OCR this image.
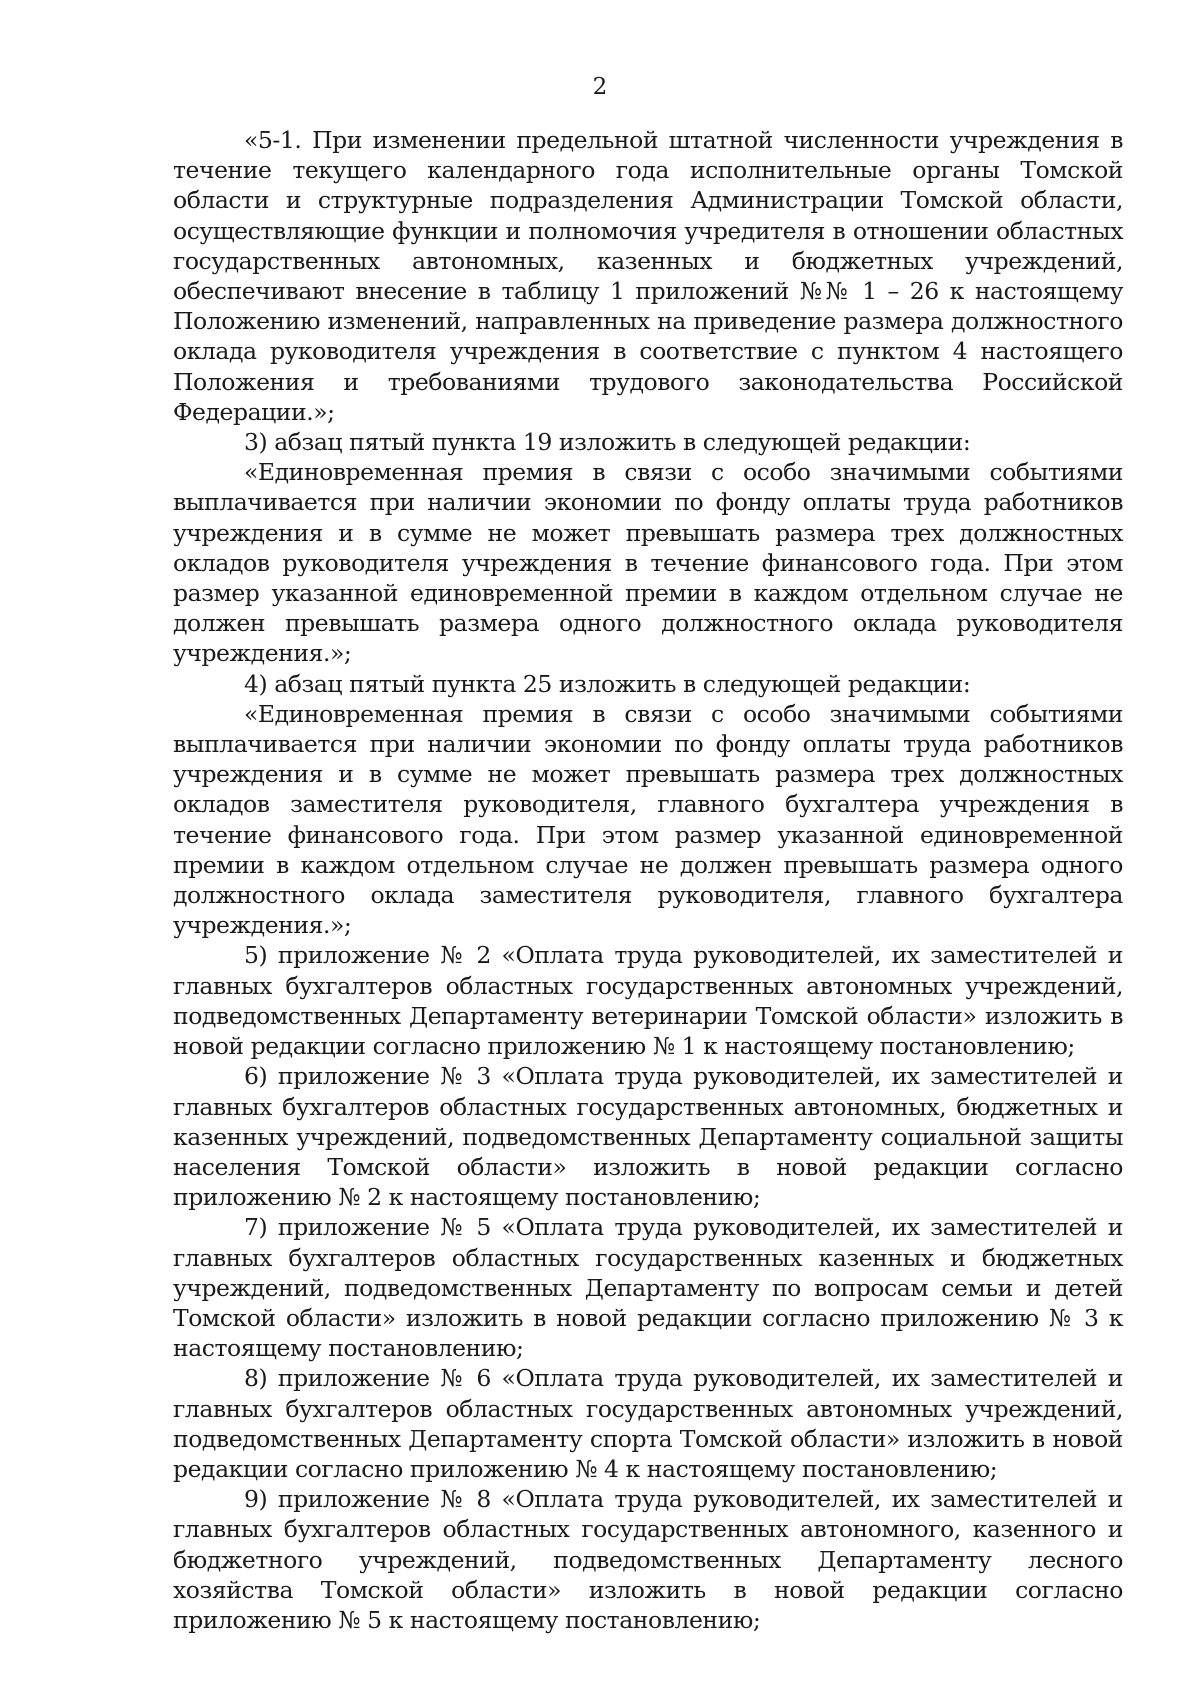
2

«5-1. При изменении предельной штатной численности учреждения в течение текущего календарного года исполнительные органы Томской области и структурные подразделения Администрации Томской области, осуществляющие функции и полномочия учредителя в отношении областных государственных автономных, казенных и бюджетных учреждений, обеспечивают внесение в таблицу 1 приложений №№ 1 – 26 к настоящему Положению изменений, направленных на приведение размера должностного оклада руководителя учреждения в соответствие с пунктом 4 настоящего Положения и требованиями трудового законодательства Российской Федерации.»;

3) абзац пятый пункта 19 изложить в следующей редакции:

«Единовременная премия в связи с особо значимыми событиями выплачивается при наличии экономии по фонду оплаты труда работников учреждения и в сумме не может превышать размера трех должностных окладов руководителя учреждения в течение финансового года. При этом размер указанной единовременной премии в каждом отдельном случае не должен превышать размера одного должностного оклада руководителя учреждения.»;

4) абзац пятый пункта 25 изложить в следующей редакции:

«Единовременная премия в связи с особо значимыми событиями выплачивается при наличии экономии по фонду оплаты труда работников учреждения и в сумме не может превышать размера трех должностных окладов заместителя руководителя, главного бухгалтера учреждения в течение финансового года. При этом размер указанной единовременной премии в каждом отдельном случае не должен превышать размера одного должностного оклада заместителя руководителя, главного бухгалтера учреждения.»;

5) приложение № 2 «Оплата труда руководителей, их заместителей и главных бухгалтеров областных государственных автономных учреждений, подведомственных Департаменту ветеринарии Томской области» изложить в новой редакции согласно приложению № 1 к настоящему постановлению;

6) приложение № 3 «Оплата труда руководителей, их заместителей и главных бухгалтеров областных государственных автономных, бюджетных и казенных учреждений, подведомственных Департаменту социальной защиты населения Томской области» изложить в новой редакции согласно приложению № 2 к настоящему постановлению;

7) приложение № 5 «Оплата труда руководителей, их заместителей и главных бухгалтеров областных государственных казенных и бюджетных учреждений, подведомственных Департаменту по вопросам семьи и детей Томской области» изложить в новой редакции согласно приложению № 3 к настоящему постановлению;

8) приложение № 6 «Оплата труда руководителей, их заместителей и главных бухгалтеров областных государственных автономных учреждений, подведомственных Департаменту спорта Томской области» изложить в новой редакции согласно приложению № 4 к настоящему постановлению;

9) приложение № 8 «Оплата труда руководителей, их заместителей и главных бухгалтеров областных государственных автономного, казенного и бюджетного учреждений, подведомственных Департаменту лесного хозяйства Томской области» изложить в новой редакции согласно приложению № 5 к настоящему постановлению;
